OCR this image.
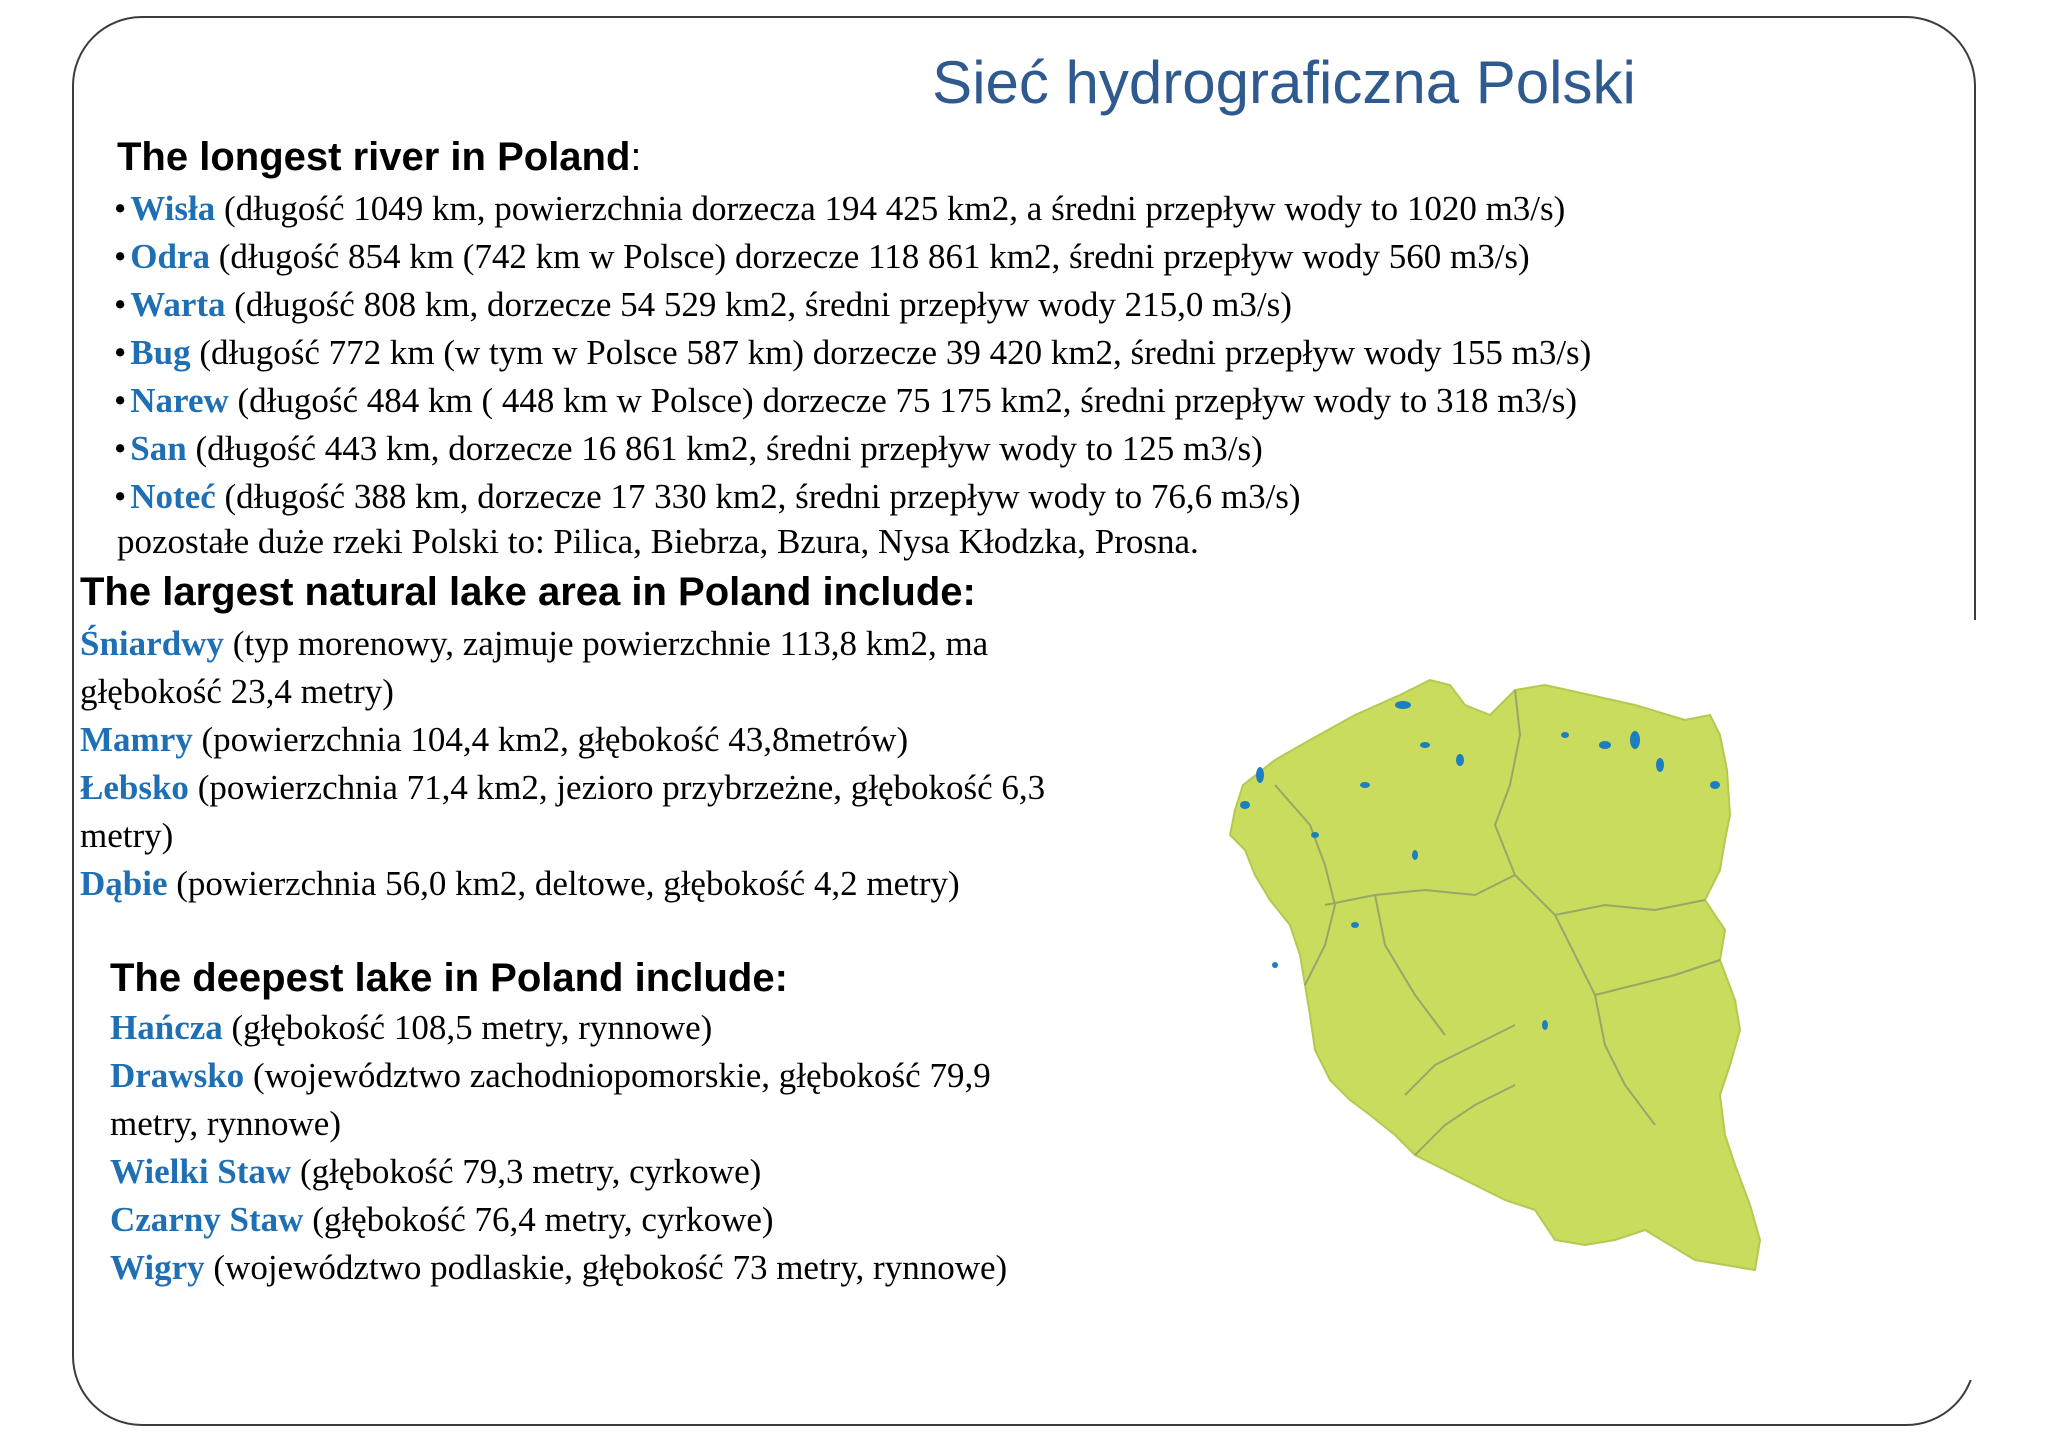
Sieć hydrograficzna Polski
The longest river in Poland:
• Wisła (długość 1049 km, powierzchnia dorzecza 194 425 km2, a średni przepływ wody to 1020 m3/s)
• Odra (długość 854 km (742 km w Polsce) dorzecze 118 861 km2, średni przepływ wody 560 m3/s)
• Warta (długość 808 km, dorzecze 54 529 km2, średni przepływ wody 215,0 m3/s)
• Bug (długość 772 km (w tym w Polsce 587 km) dorzecze 39 420 km2, średni przepływ wody 155 m3/s)
• Narew (długość 484 km ( 448 km w Polsce) dorzecze 75 175 km2, średni przepływ wody to 318 m3/s)
• San (długość 443 km, dorzecze 16 861 km2, średni przepływ wody to 125 m3/s)
• Noteć (długość 388 km, dorzecze 17 330 km2, średni przepływ wody to 76,6 m3/s)
pozostałe duże rzeki Polski to: Pilica, Biebrza, Bzura, Nysa Kłodzka, Prosna.
The largest natural lake area in Poland include:
Śniardwy (typ morenowy, zajmuje powierzchnie 113,8 km2, ma
głębokość 23,4 metry)
Mamry (powierzchnia 104,4 km2, głębokość 43,8metrów)
Łebsko (powierzchnia 71,4 km2, jezioro przybrzeżne, głębokość 6,3
metry)
Dąbie (powierzchnia 56,0 km2, deltowe, głębokość 4,2 metry)
The deepest lake in Poland include:
Hańcza (głębokość 108,5 metry, rynnowe)
Drawsko (województwo zachodniopomorskie, głębokość 79,9
metry, rynnowe)
Wielki Staw (głębokość 79,3 metry, cyrkowe)
Czarny Staw (głębokość 76,4 metry, cyrkowe)
Wigry (województwo podlaskie, głębokość 73 metry, rynnowe)
